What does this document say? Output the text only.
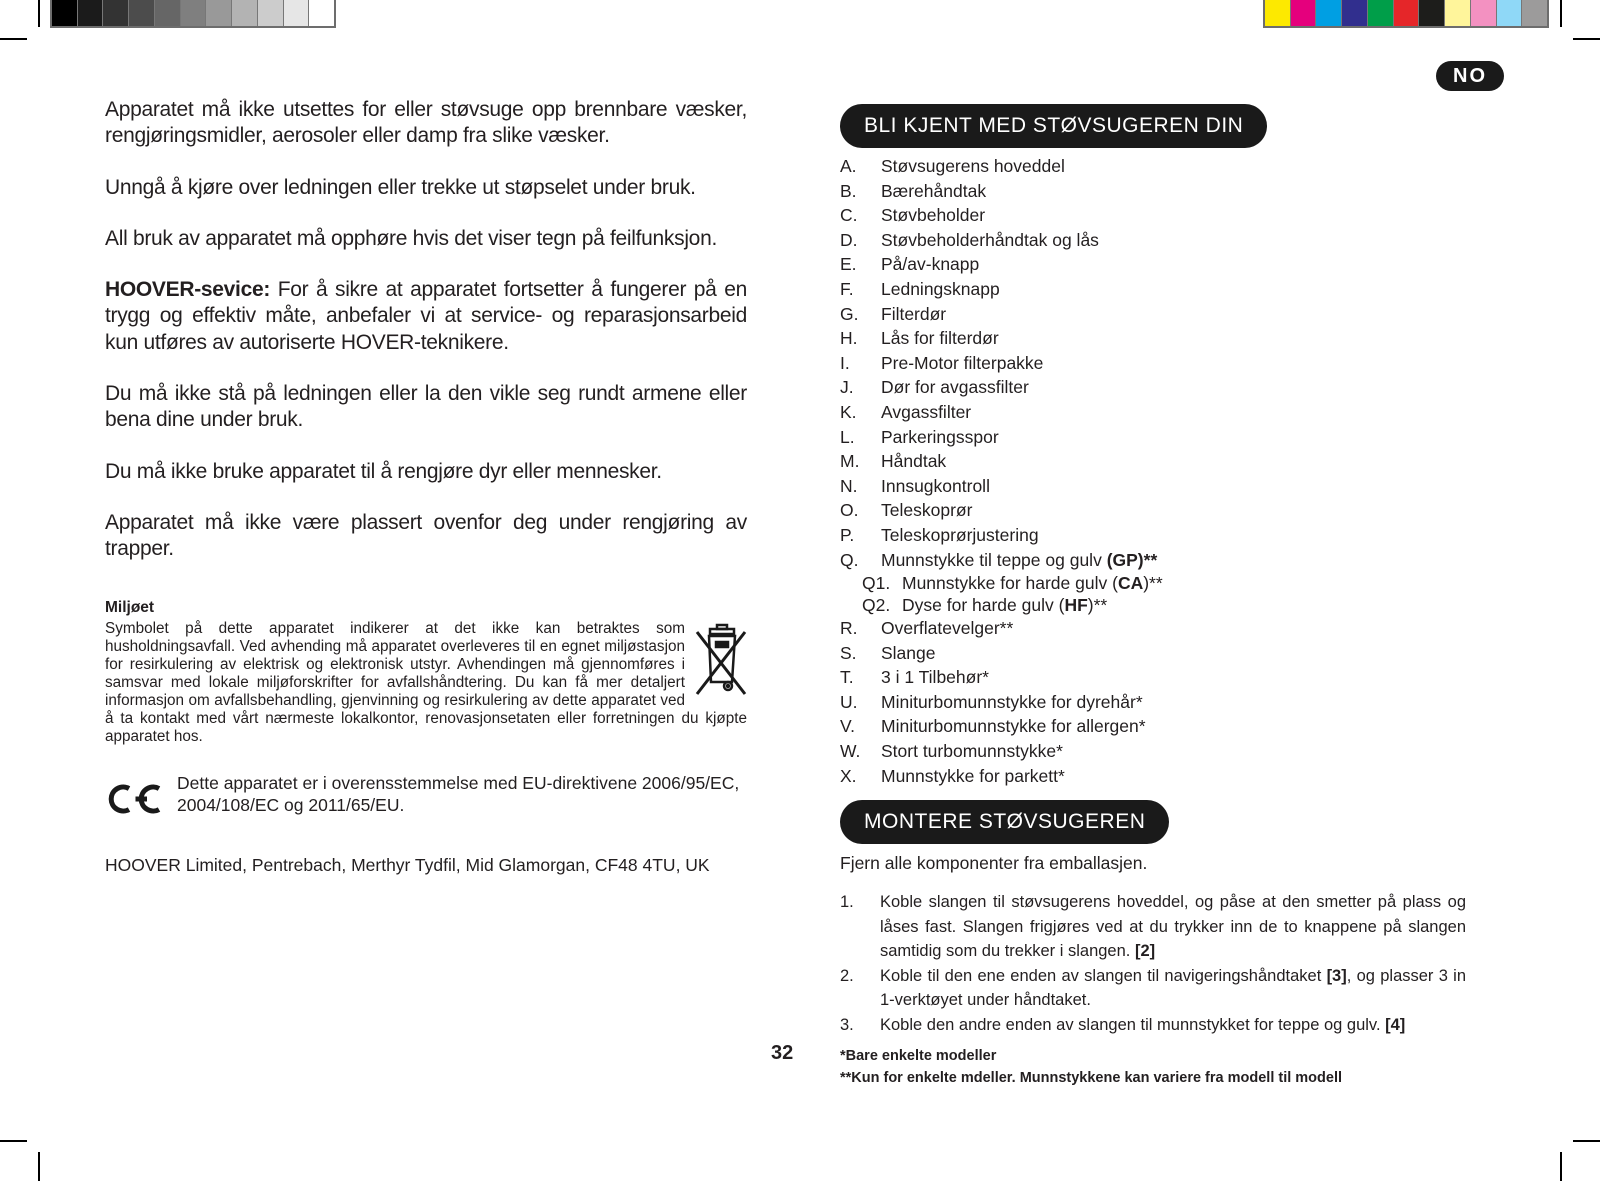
NO

Apparatet må ikke utsettes for eller støvsuge opp brennbare væsker, rengjøringsmidler, aerosoler eller damp fra slike væsker.

Unngå å kjøre over ledningen eller trekke ut støpselet under bruk.

All bruk av apparatet må opphøre hvis det viser tegn på feilfunksjon.

HOOVER-sevice: For å sikre at apparatet fortsetter å fungerer på en trygg og effektiv måte, anbefaler vi at service- og reparasjonsarbeid kun utføres av autoriserte HOVER-teknikere.

Du må ikke stå på ledningen eller la den vikle seg rundt armene eller bena dine under bruk.

Du må ikke bruke apparatet til å rengjøre dyr eller mennesker.

Apparatet må ikke være plassert ovenfor deg under rengjøring av trapper.

Miljøet

Symbolet på dette apparatet indikerer at det ikke kan betraktes som husholdningsavfall. Ved avhending må apparatet overleveres til en egnet miljøstasjon for resirkulering av elektrisk og elektronisk utstyr. Avhendingen må gjennomføres i samsvar med lokale miljøforskrifter for avfallshåndtering. Du kan få mer detaljert informasjon om avfallsbehandling, gjenvinning og resirkulering av dette apparatet ved å ta kontakt med vårt nærmeste lokalkontor, renovasjonsetaten eller forretningen du kjøpte apparatet hos.

Dette apparatet er i overensstemmelse med EU-direktivene 2006/95/EC, 2004/108/EC og 2011/65/EU.

HOOVER Limited, Pentrebach, Merthyr Tydfil, Mid Glamorgan, CF48 4TU, UK
BLI KJENT MED STØVSUGEREN DIN
A.	Støvsugerens hoveddel
B.	Bærehåndtak
C.	Støvbeholder
D.	Støvbeholderhåndtak og lås
E.	På/av-knapp
F.	Ledningsknapp
G.	Filterdør
H.	Lås for filterdør
I.	Pre-Motor filterpakke
J.	Dør for avgassfilter
K.	Avgassfilter
L.	Parkeringsspor
M.	Håndtak
N.	Innsugkontroll
O.	Teleskoprør
P.	Teleskoprørjustering
Q.	Munnstykke til teppe og gulv (GP)**
Q1. Munnstykke for harde gulv (CA)**
Q2. Dyse for harde gulv (HF)**
R.	Overflatevelger**
S.	Slange
T.	3 i 1 Tilbehør*
U.	Miniturbomunnstykke for dyrehår*
V.	Miniturbomunnstykke for allergen*
W.	Stort turbomunnstykke*
X.	Munnstykke for parkett*
MONTERE STØVSUGEREN
Fjern alle komponenter fra emballasjen.
1.	Koble slangen til støvsugerens hoveddel, og påse at den smetter på plass og låses fast. Slangen frigjøres ved at du trykker inn de to knappene på slangen samtidig som du trekker i slangen. [2]
2.	Koble til den ene enden av slangen til navigeringshåndtaket [3], og plasser 3 in 1-verktøyet under håndtaket.
3.	Koble den andre enden av slangen til munnstykket for teppe og gulv. [4]
32	*Bare enkelte modeller
**Kun for enkelte mdeller. Munnstykkene kan variere fra modell til modell
